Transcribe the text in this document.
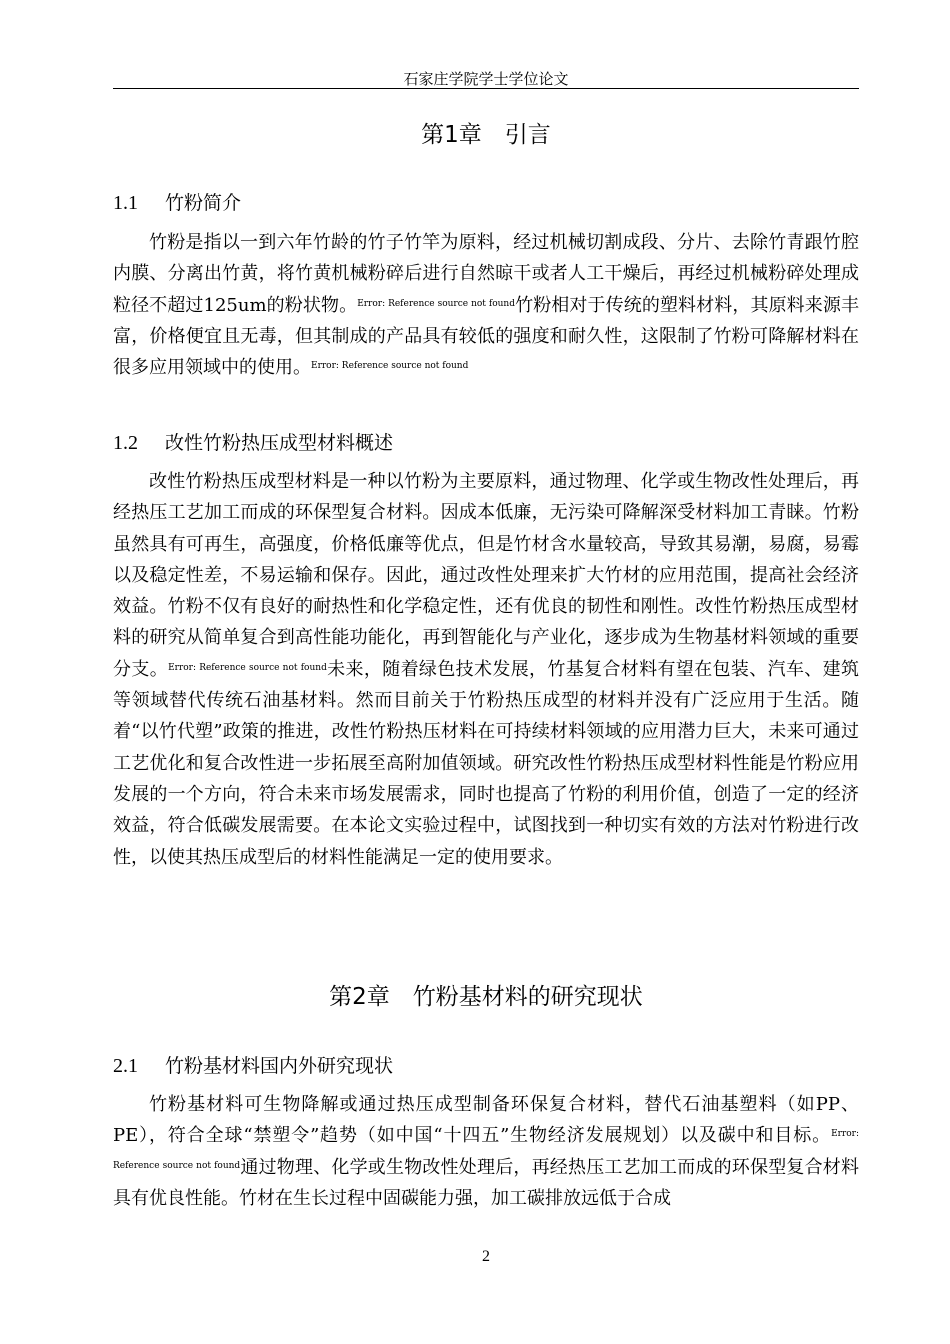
石家庄学院学士学位论文
第1章　引言
1.1 竹粉简介

竹粉是指以一到六年竹龄的竹子竹竿为原料，经过机械切割成段、分片、去除竹青跟竹腔内膜、分离出竹黄，将竹黄机械粉碎后进行自然晾干或者人工干燥后，再经过机械粉碎处理成粒径不超过125um的粉状物。$^{Error: Reference source not found}$竹粉相对于传统的塑料材料，其原料来源丰富，价格便宜且无毒，但其制成的产品具有较低的强度和耐久性，这限制了竹粉可降解材料在很多应用领域中的使用。$^{Error: Reference source not found}$

1.2 改性竹粉热压成型材料概述

改性竹粉热压成型材料是一种以竹粉为主要原料，通过物理、化学或生物改性处理后，再经热压工艺加工而成的环保型复合材料。因成本低廉，无污染可降解深受材料加工青睐。竹粉虽然具有可再生，高强度，价格低廉等优点，但是竹材含水量较高，导致其易潮，易腐，易霉以及稳定性差，不易运输和保存。因此，通过改性处理来扩大竹材的应用范围，提高社会经济效益。竹粉不仅有良好的耐热性和化学稳定性，还有优良的韧性和刚性。改性竹粉热压成型材料的研究从简单复合到高性能功能化，再到智能化与产业化，逐步成为生物基材料领域的重要分支。$^{Error: Reference source not found}$未来，随着绿色技术发展，竹基复合材料有望在包装、汽车、建筑等领域替代传统石油基材料。然而目前关于竹粉热压成型的材料并没有广泛应用于生活。随着“以竹代塑”政策的推进，改性竹粉热压材料在可持续材料领域的应用潜力巨大，未来可通过工艺优化和复合改性进一步拓展至高附加值领域。研究改性竹粉热压成型材料性能是竹粉应用发展的一个方向，符合未来市场发展需求，同时也提高了竹粉的利用价值，创造了一定的经济效益，符合低碳发展需要。在本论文实验过程中，试图找到一种切实有效的方法对竹粉进行改性，以使其热压成型后的材料性能满足一定的使用要求。

第2章　竹粉基材料的研究现状
2.1 竹粉基材料国内外研究现状

竹粉基材料可生物降解或通过热压成型制备环保复合材料，替代石油基塑料（如PP、PE），符合全球“禁塑令”趋势（如中国“十四五”生物经济发展规划）以及碳中和目标。$^{Error: Reference source not found}$通过物理、化学或生物改性处理后，再经热压工艺加工而成的环保型复合材料具有优良性能。竹材在生长过程中固碳能力强，加工碳排放远低于合成

2
